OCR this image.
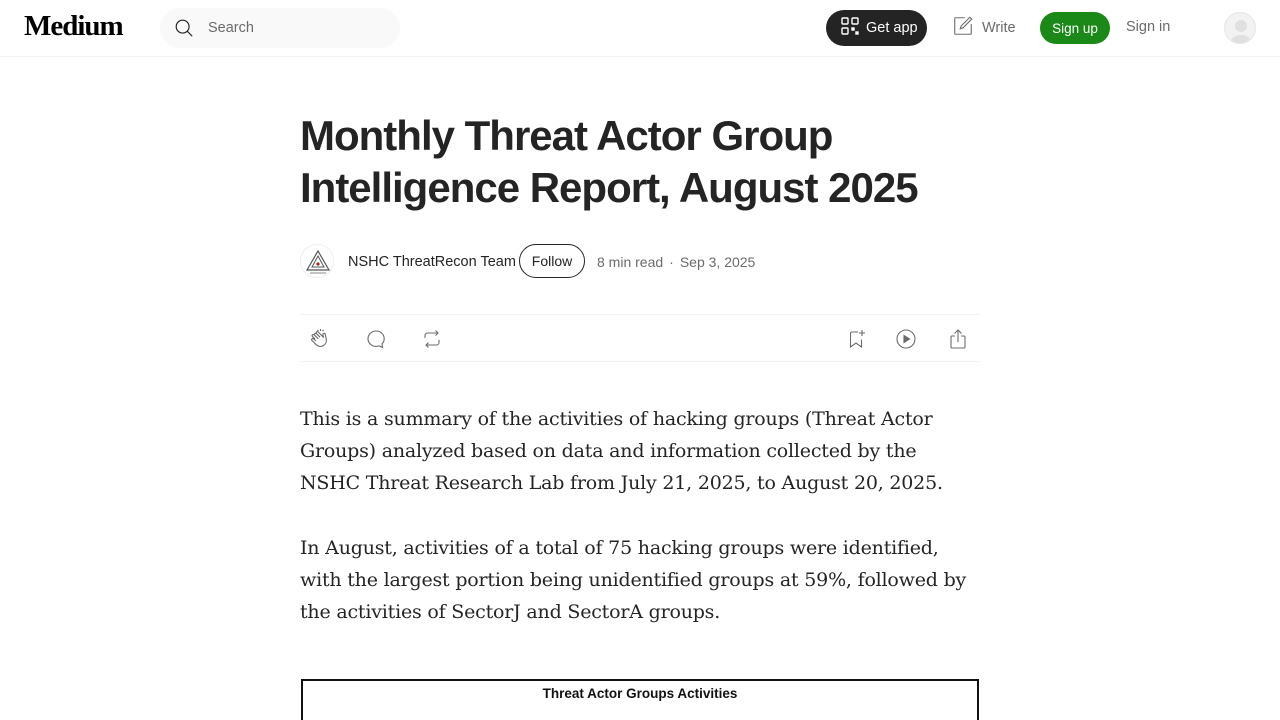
Medium
Search	Get app	Write	Sign up	Sign in
Monthly Threat Actor Group Intelligence Report, August 2025
NSHC ThreatRecon Team	Follow	8 min read · Sep 3, 2025

This is a summary of the activities of hacking groups (Threat Actor Groups) analyzed based on data and information collected by the NSHC Threat Research Lab from July 21, 2025, to August 20, 2025.

In August, activities of a total of 75 hacking groups were identified, with the largest portion being unidentified groups at 59%, followed by the activities of SectorJ and SectorA groups.

Threat Actor Groups Activities
